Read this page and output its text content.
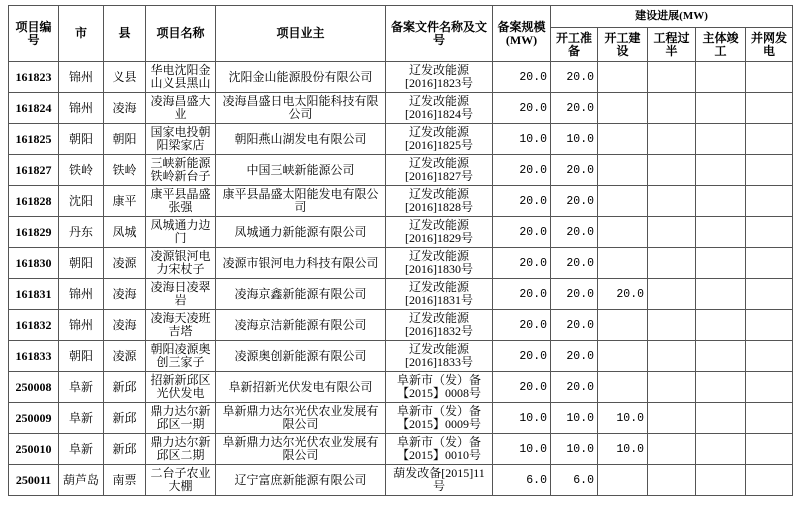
项目编号	市	县	项目名称	项目业主	备案文件名称及文号	备案规模(MW)	建设进展(MW)				
							开工准备	开工建设	工程过半	主体竣工	并网发电
161823	锦州	义县	华电沈阳金山义县黑山	沈阳金山能源股份有限公司	辽发改能源[2016]1823号	20.0	20.0				
161824	锦州	凌海	凌海昌盛大业	凌海昌盛日电太阳能科技有限公司	辽发改能源[2016]1824号	20.0	20.0				
161825	朝阳	朝阳	国家电投朝阳梁家店	朝阳燕山湖发电有限公司	辽发改能源[2016]1825号	10.0	10.0				
161827	铁岭	铁岭	三峡新能源铁岭新台子	中国三峡新能源公司	辽发改能源[2016]1827号	20.0	20.0				
161828	沈阳	康平	康平县晶盛张强	康平县晶盛太阳能发电有限公司	辽发改能源[2016]1828号	20.0	20.0				
161829	丹东	凤城	凤城通力边门	凤城通力新能源有限公司	辽发改能源[2016]1829号	20.0	20.0				
161830	朝阳	凌源	凌源银河电力宋杖子	凌源市银河电力科技有限公司	辽发改能源[2016]1830号	20.0	20.0				
161831	锦州	凌海	凌海日凌翠岩	凌海京鑫新能源有限公司	辽发改能源[2016]1831号	20.0	20.0	20.0			
161832	锦州	凌海	凌海天凌班吉塔	凌海京洁新能源有限公司	辽发改能源[2016]1832号	20.0	20.0				
161833	朝阳	凌源	朝阳凌源奥创三家子	凌源奥创新能源有限公司	辽发改能源[2016]1833号	20.0	20.0				
250008	阜新	新邱	招新新邱区光伏发电	阜新招新光伏发电有限公司	阜新市（发）备【2015】0008号	20.0	20.0				
250009	阜新	新邱	鼎力达尔新邱区一期	阜新鼎力达尔光伏农业发展有限公司	阜新市（发）备【2015】0009号	10.0	10.0	10.0			
250010	阜新	新邱	鼎力达尔新邱区二期	阜新鼎力达尔光伏农业发展有限公司	阜新市（发）备【2015】0010号	10.0	10.0	10.0			
250011	葫芦岛	南票	二台子农业大棚	辽宁富庶新能源有限公司	葫发改备[2015]11号	6.0	6.0				
